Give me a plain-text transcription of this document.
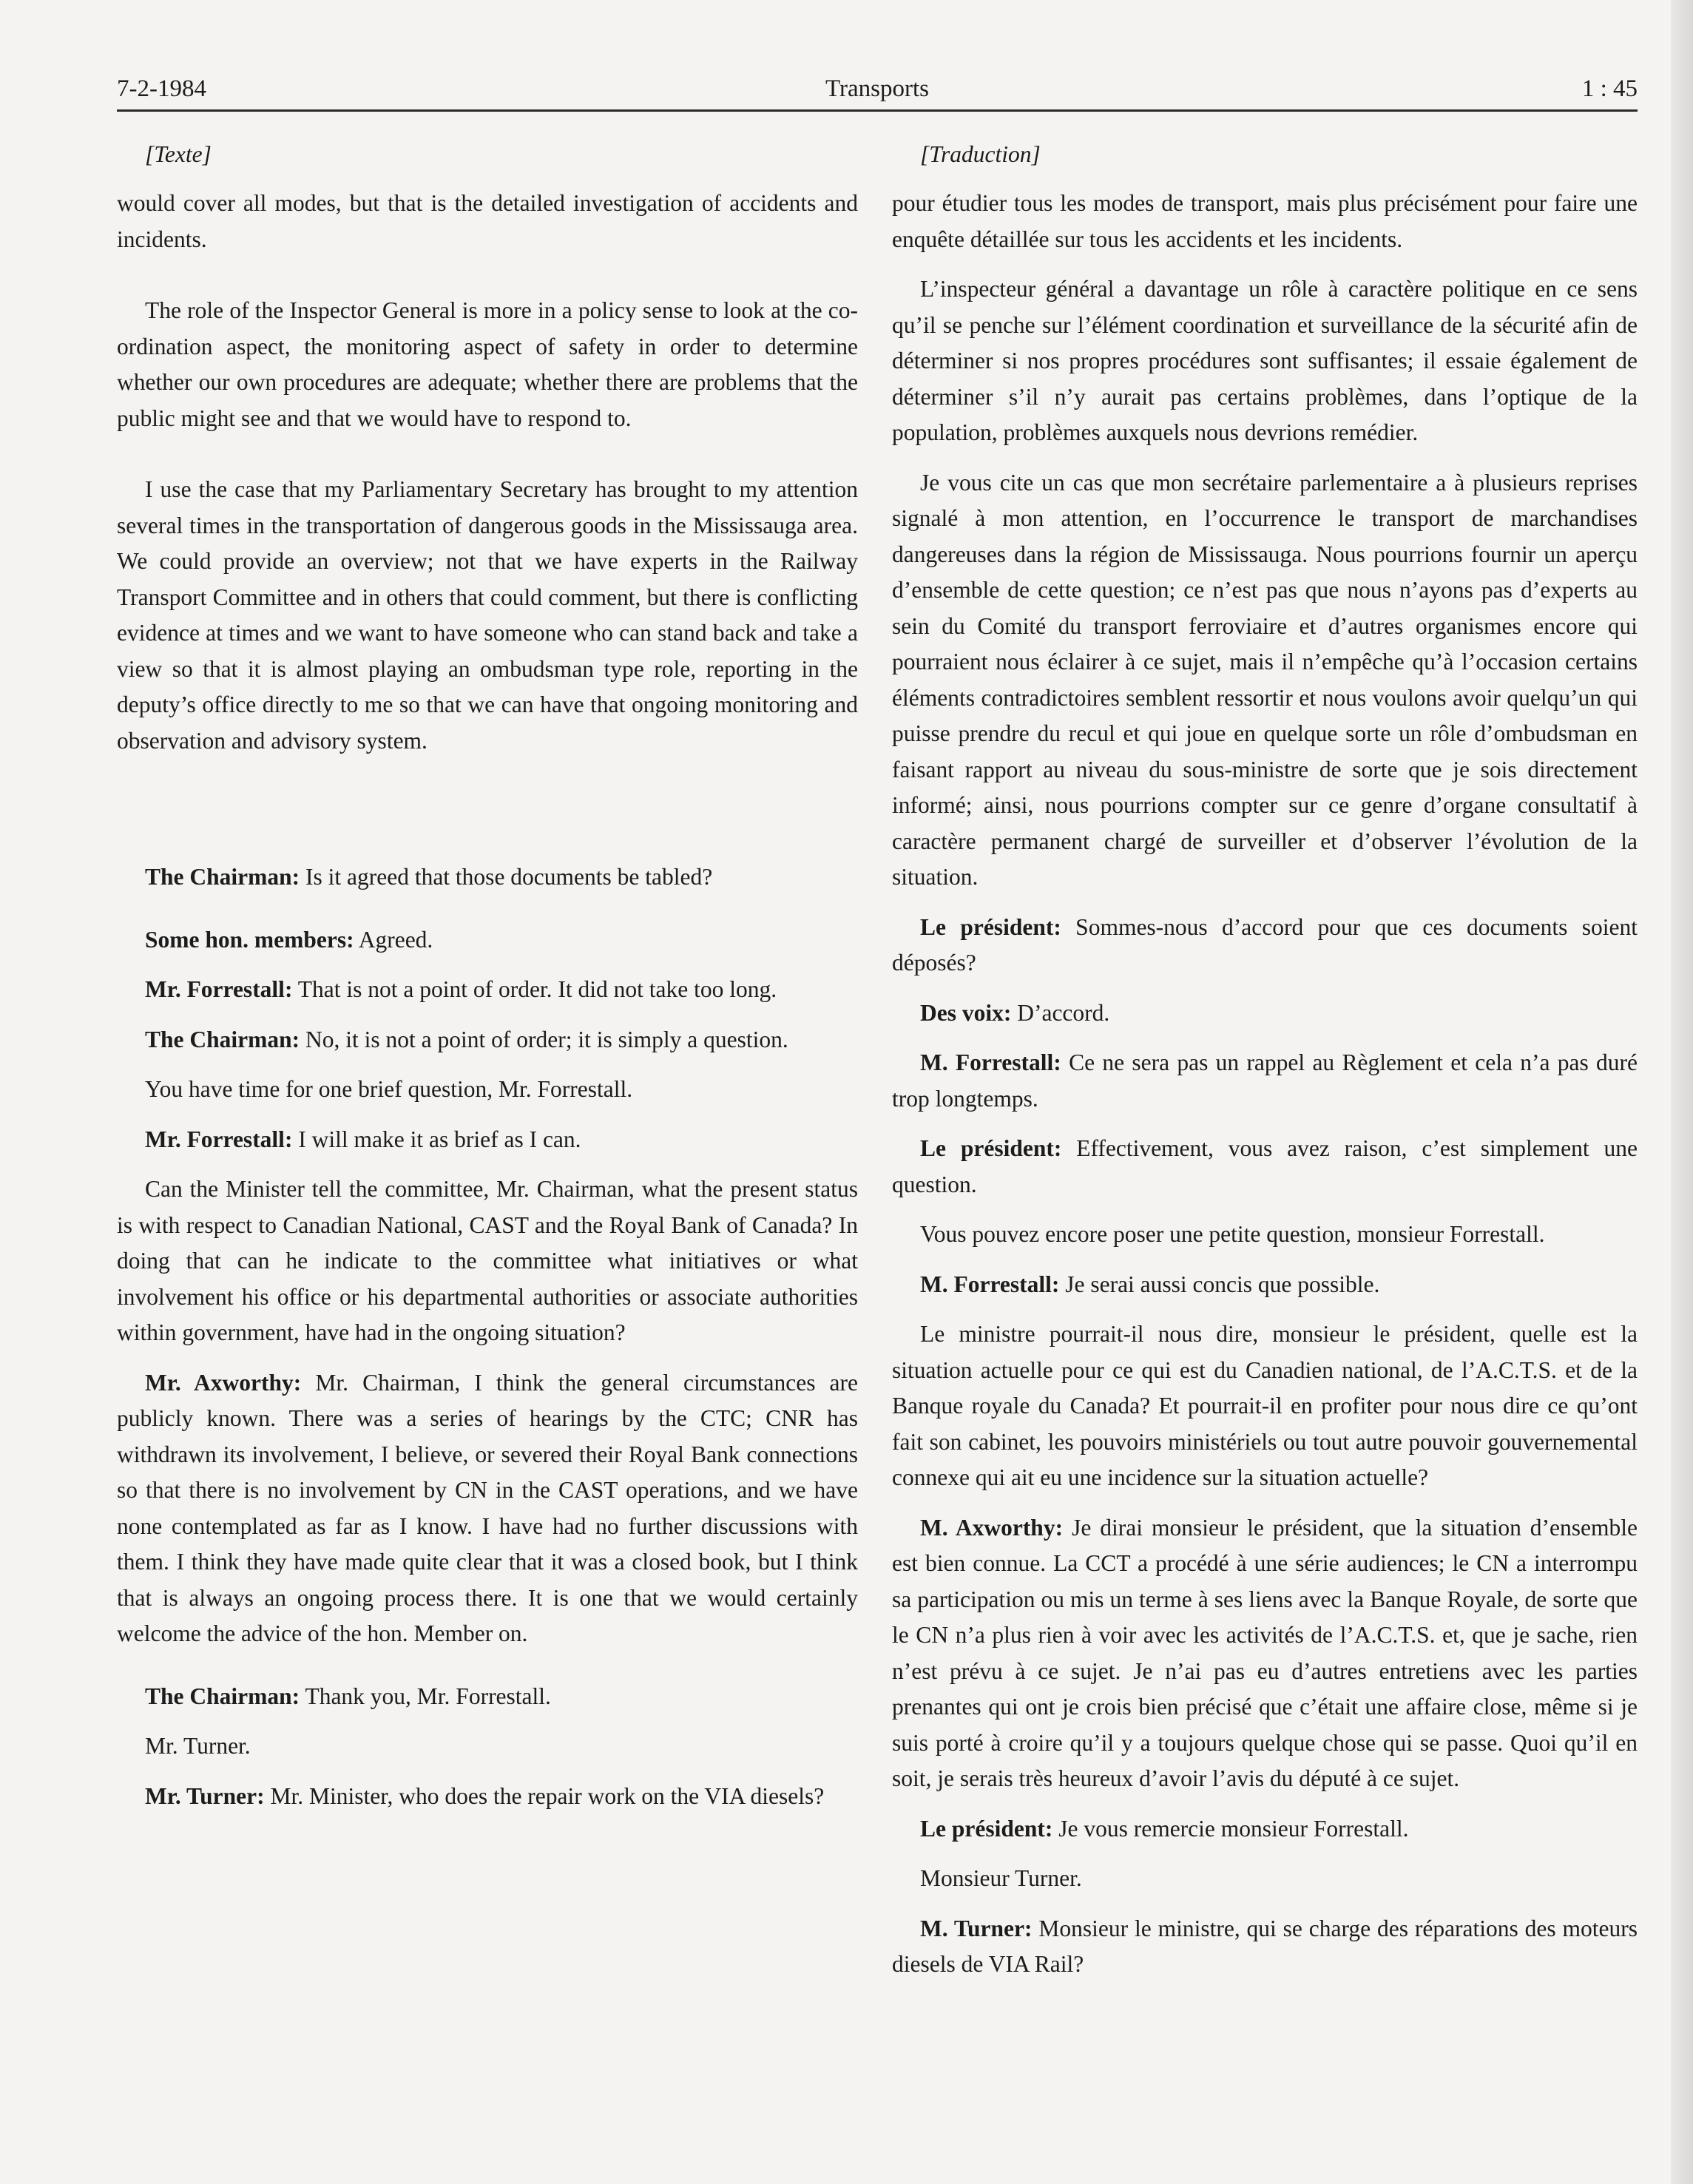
7-2-1984	Transports	1 : 45

[Texte]

would cover all modes, but that is the detailed investigation of accidents and incidents.

The role of the Inspector General is more in a policy sense to look at the co-ordination aspect, the monitoring aspect of safety in order to determine whether our own procedures are adequate; whether there are problems that the public might see and that we would have to respond to.

I use the case that my Parliamentary Secretary has brought to my attention several times in the transportation of dangerous goods in the Mississauga area. We could provide an overview; not that we have experts in the Railway Transport Committee and in others that could comment, but there is conflicting evidence at times and we want to have someone who can stand back and take a view so that it is almost playing an ombudsman type role, reporting in the deputy’s office directly to me so that we can have that ongoing monitoring and observation and advisory system.

The Chairman: Is it agreed that those documents be tabled?

Some hon. members: Agreed.

Mr. Forrestall: That is not a point of order. It did not take too long.

The Chairman: No, it is not a point of order; it is simply a question.

You have time for one brief question, Mr. Forrestall.

Mr. Forrestall: I will make it as brief as I can.

Can the Minister tell the committee, Mr. Chairman, what the present status is with respect to Canadian National, CAST and the Royal Bank of Canada? In doing that can he indicate to the committee what initiatives or what involvement his office or his departmental authorities or associate authorities within government, have had in the ongoing situation?

Mr. Axworthy: Mr. Chairman, I think the general circumstances are publicly known. There was a series of hearings by the CTC; CNR has withdrawn its involvement, I believe, or severed their Royal Bank connections so that there is no involvement by CN in the CAST operations, and we have none contemplated as far as I know. I have had no further discussions with them. I think they have made quite clear that it was a closed book, but I think that is always an ongoing process there. It is one that we would certainly welcome the advice of the hon. Member on.

The Chairman: Thank you, Mr. Forrestall.

Mr. Turner.

Mr. Turner: Mr. Minister, who does the repair work on the VIA diesels?

[Traduction]

pour étudier tous les modes de transport, mais plus précisément pour faire une enquête détaillée sur tous les accidents et les incidents.

L’inspecteur général a davantage un rôle à caractère politique en ce sens qu’il se penche sur l’élément coordination et surveillance de la sécurité afin de déterminer si nos propres procédures sont suffisantes; il essaie également de déterminer s’il n’y aurait pas certains problèmes, dans l’optique de la population, problèmes auxquels nous devrions remédier.

Je vous cite un cas que mon secrétaire parlementaire a à plusieurs reprises signalé à mon attention, en l’occurrence le transport de marchandises dangereuses dans la région de Mississauga. Nous pourrions fournir un aperçu d’ensemble de cette question; ce n’est pas que nous n’ayons pas d’experts au sein du Comité du transport ferroviaire et d’autres organismes encore qui pourraient nous éclairer à ce sujet, mais il n’empêche qu’à l’occasion certains éléments contradictoires semblent ressortir et nous voulons avoir quelqu’un qui puisse prendre du recul et qui joue en quelque sorte un rôle d’ombudsman en faisant rapport au niveau du sous-ministre de sorte que je sois directement informé; ainsi, nous pourrions compter sur ce genre d’organe consultatif à caractère permanent chargé de surveiller et d’observer l’évolution de la situation.

Le président: Sommes-nous d’accord pour que ces documents soient déposés?

Des voix: D’accord.

M. Forrestall: Ce ne sera pas un rappel au Règlement et cela n’a pas duré trop longtemps.

Le président: Effectivement, vous avez raison, c’est simplement une question.

Vous pouvez encore poser une petite question, monsieur Forrestall.

M. Forrestall: Je serai aussi concis que possible.

Le ministre pourrait-il nous dire, monsieur le président, quelle est la situation actuelle pour ce qui est du Canadien national, de l’A.C.T.S. et de la Banque royale du Canada? Et pourrait-il en profiter pour nous dire ce qu’ont fait son cabinet, les pouvoirs ministériels ou tout autre pouvoir gouvernemental connexe qui ait eu une incidence sur la situation actuelle?

M. Axworthy: Je dirai monsieur le président, que la situation d’ensemble est bien connue. La CCT a procédé à une série audiences; le CN a interrompu sa participation ou mis un terme à ses liens avec la Banque Royale, de sorte que le CN n’a plus rien à voir avec les activités de l’A.C.T.S. et, que je sache, rien n’est prévu à ce sujet. Je n’ai pas eu d’autres entretiens avec les parties prenantes qui ont je crois bien précisé que c’était une affaire close, même si je suis porté à croire qu’il y a toujours quelque chose qui se passe. Quoi qu’il en soit, je serais très heureux d’avoir l’avis du député à ce sujet.

Le président: Je vous remercie monsieur Forrestall.

Monsieur Turner.

M. Turner: Monsieur le ministre, qui se charge des réparations des moteurs diesels de VIA Rail?
